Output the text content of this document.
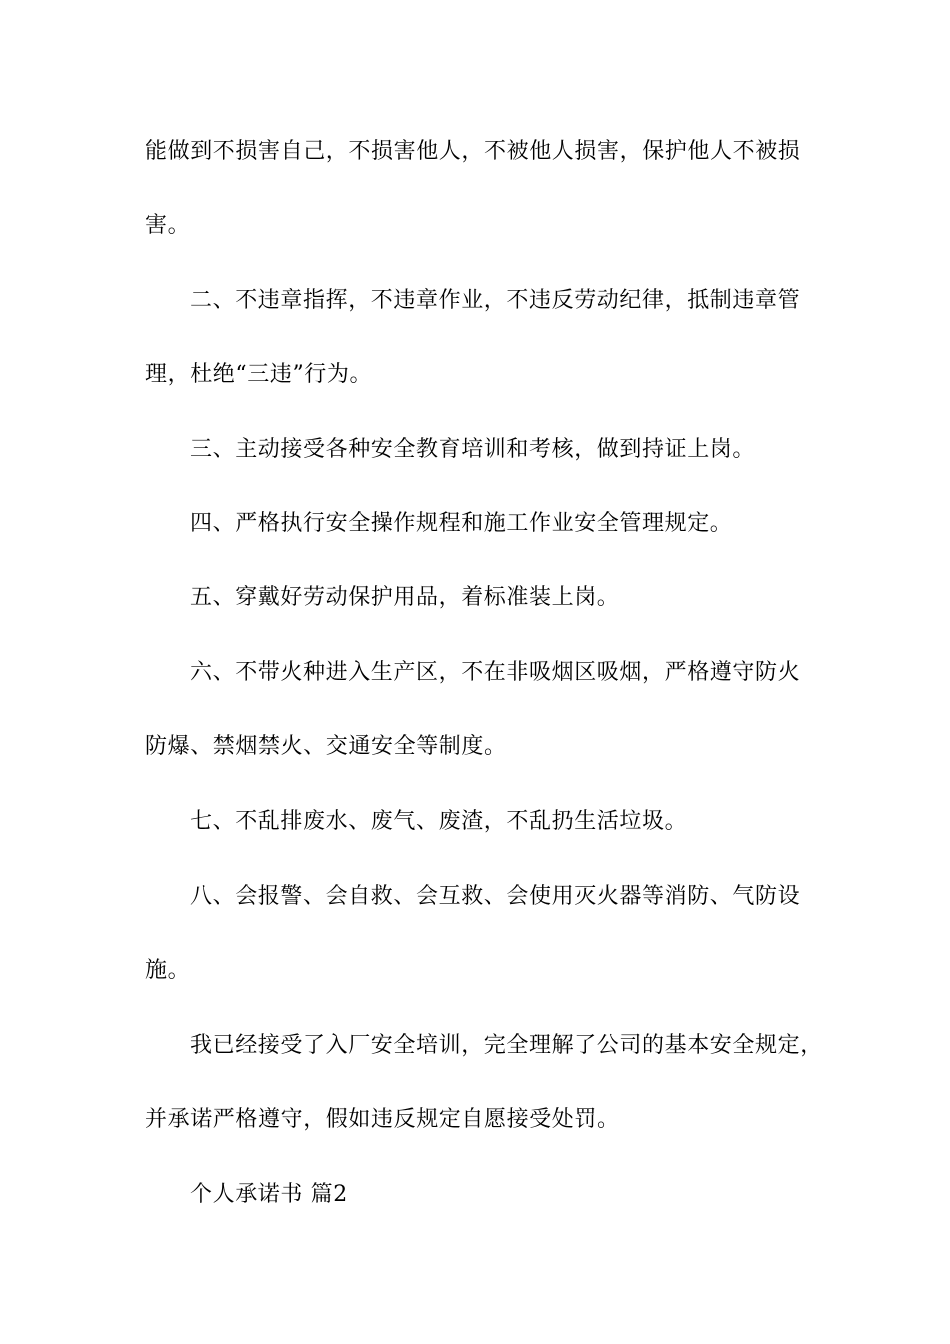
能做到不损害自己，不损害他人，不被他人损害，保护他人不被损
害。

二、不违章指挥，不违章作业，不违反劳动纪律，抵制违章管
理，杜绝“三违”行为。

三、主动接受各种安全教育培训和考核，做到持证上岗。

四、严格执行安全操作规程和施工作业安全管理规定。

五、穿戴好劳动保护用品，着标准装上岗。

六、不带火种进入生产区，不在非吸烟区吸烟，严格遵守防火
防爆、禁烟禁火、交通安全等制度。

七、不乱排废水、废气、废渣，不乱扔生活垃圾。

八、会报警、会自救、会互救、会使用灭火器等消防、气防设
施。

我已经接受了入厂安全培训，完全理解了公司的基本安全规定，
并承诺严格遵守，假如违反规定自愿接受处罚。

个人承诺书 篇2
